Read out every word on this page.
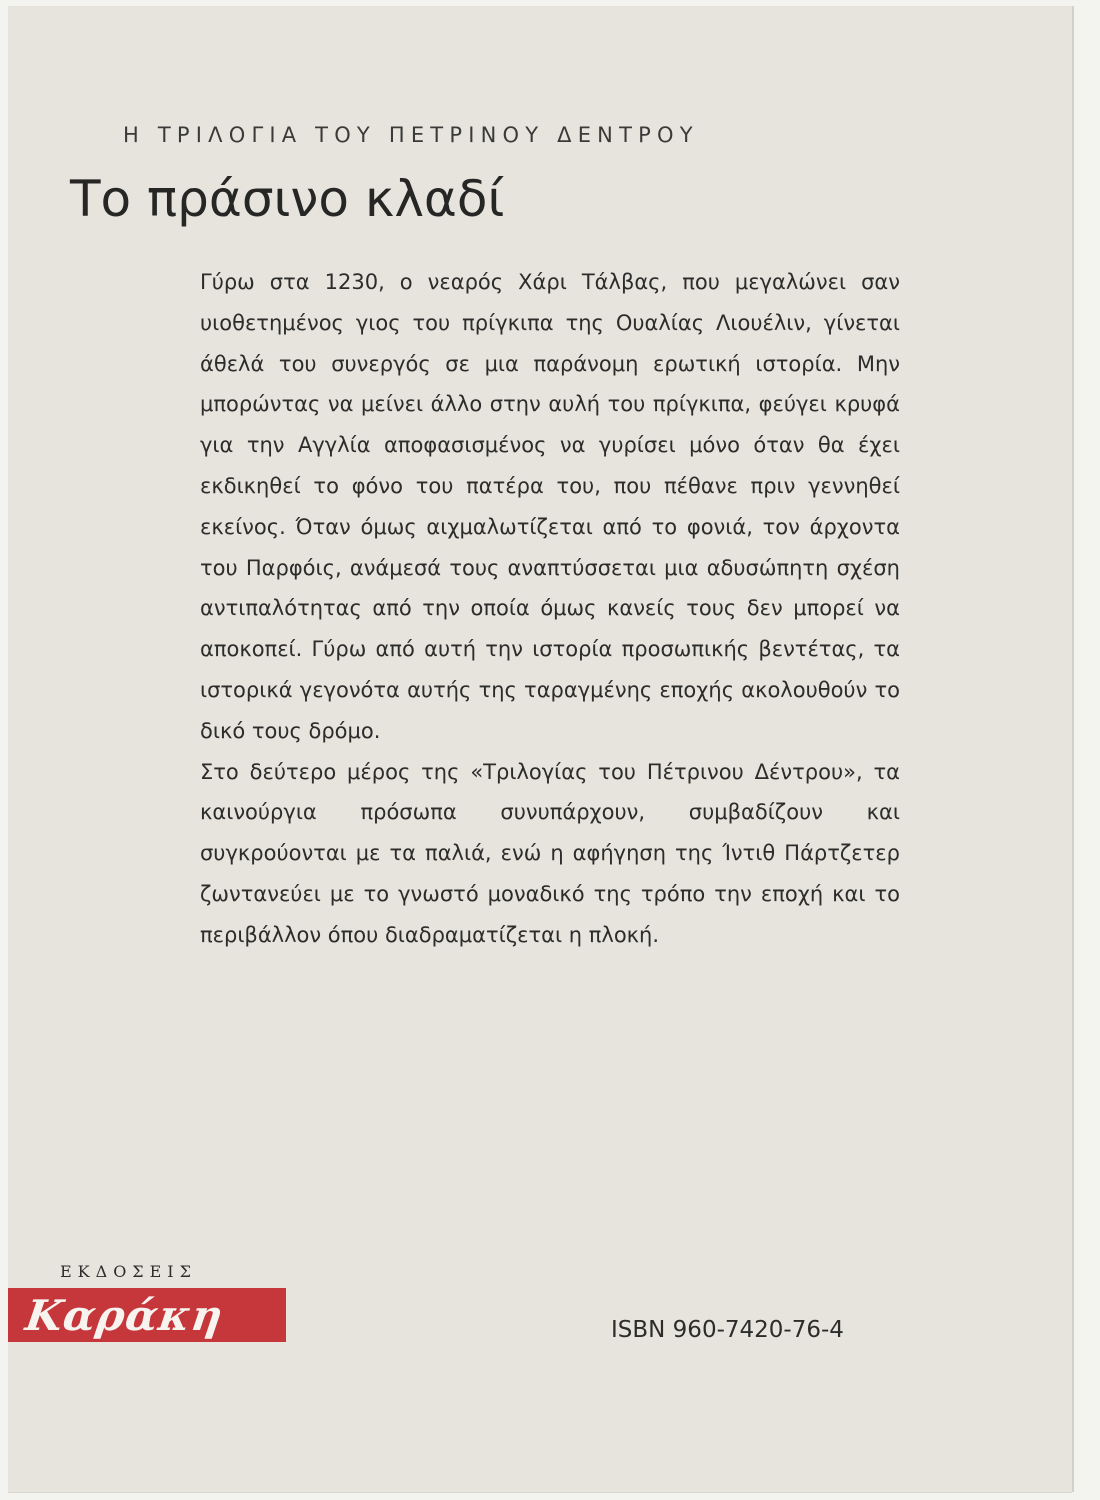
Η ΤΡΙΛΟΓΙΑ ΤΟΥ ΠΕΤΡΙΝΟΥ ΔΕΝΤΡΟΥ
Το πράσινο κλαδί

Γύρω στα 1230, ο νεαρός Χάρι Τάλβας, που μεγαλώνει σαν υιοθετημένος γιος του πρίγκιπα της Ουαλίας Λιουέλιν, γίνεται άθελά του συνεργός σε μια παράνομη ερωτική ιστορία. Μην μπορώντας να μείνει άλλο στην αυλή του πρίγκιπα, φεύγει κρυφά για την Αγγλία αποφασισμένος να γυρίσει μόνο όταν θα έχει εκδικηθεί το φόνο του πατέρα του, που πέθανε πριν γεννηθεί εκείνος. Όταν όμως αιχμαλωτίζεται από το φονιά, τον άρχοντα του Παρφόις, ανάμεσά τους αναπτύσσεται μια αδυσώπητη σχέση αντιπαλότητας από την οποία όμως κανείς τους δεν μπορεί να αποκοπεί. Γύρω από αυτή την ιστορία προσωπικής βεντέτας, τα ιστορικά γεγονότα αυτής της ταραγμένης εποχής ακολουθούν το δικό τους δρόμο.

Στο δεύτερο μέρος της «Τριλογίας του Πέτρινου Δέντρου», τα καινούργια πρόσωπα συνυπάρχουν, συμβαδίζουν και συγκρούονται με τα παλιά, ενώ η αφήγηση της Ίντιθ Πάρτζετερ ζωντανεύει με το γνωστό μοναδικό της τρόπο την εποχή και το περιβάλλον όπου διαδραματίζεται η πλοκή.

ΕΚΔΟΣΕΙΣ
Καράκη	ISBN 960-7420-76-4
